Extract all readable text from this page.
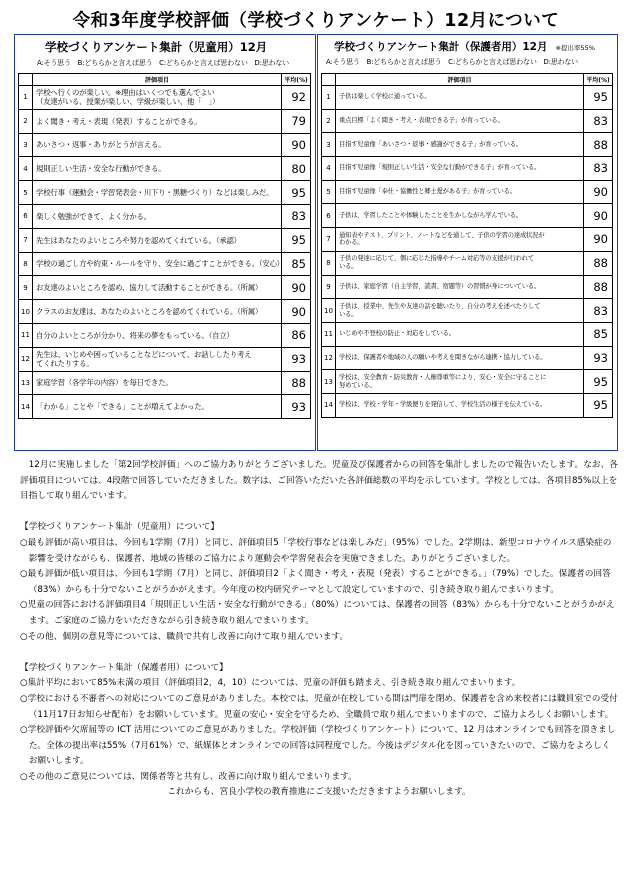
令和3年度学校評価（学校づくりアンケート）12月について
学校づくりアンケート集計（児童用）12月
A:そう思う　B:どちらかと言えば思う　C:どちらかと言えば思わない　D:思わない
	評価項目	平均(%)
1	学校へ行くのが楽しい。※理由はいくつでも選んでよい
（友達がいる、授業が楽しい、学級が楽しい、他「　」）	92
2	よく聞き・考え・表現（発表）することができる。	79
3	あいさつ・返事・ありがとうが言える。	90
4	規則正しい生活・安全な行動ができる。	80
5	学校行事（運動会・学習発表会・川下り・黒糖づくり）などは楽しみだ。	95
6	楽しく勉強ができて、よく分かる。	83
7	先生はあなたのよいところや努力を認めてくれている。（承認）	95
8	学校の過ごし方や約束・ルールを守り、安全に過ごすことができる。（安心）	85
9	お友達のよいところを認め、協力して活動することができる。（所属）	90
10	クラスのお友達は、あなたのよいところを認めてくれている。（所属）	90
11	自分のよいところが分かり、将来の夢をもっている。（自立）	86
12	先生は、いじめや困っていることなどについて、お話ししたり考え
てくれたりする。	93
13	家庭学習（各学年の内容）を毎日できた。	88
14	「わかる」ことや「できる」ことが増えてよかった。	93
学校づくりアンケート集計（保護者用）12月 ※提出率55%
A:そう思う　B:どちらかと言えば思う　C:どちらかと言えば思わない　D:思わない
	評価項目	平均(%)
1	子供は楽しく学校に通っている。	95
2	重点目標「よく聞き・考え・表現できる子」が育っている。	83
3	目指す児童像「あいさつ・返事・感謝ができる子」が育っている。	88
4	目指す児童像「規則正しい生活・安全な行動ができる子」が育っている。	83
5	目指す児童像「奉仕・協働性と郷土愛がある子」が育っている。	90
6	子供は、学習したことや体験したことを生かしながら学んでいる。	90
7	通知表やテスト、プリント、ノートなどを通して、子供の学習の達成状況が
わかる。	90
8	子供の発達に応じて、個に応じた指導やチーム対応等の支援が行われて
いる。	88
9	子供は、家庭学習（自主学習、読書、宿題等）の習慣が身についている。	88
10	子供は、授業中、先生や友達の話を聴いたり、自分の考えを述べたりして
いる。	83
11	いじめや不登校の防止・対応をしている。	85
12	学校は、保護者や地域の人の願いや考えを聞きながら連携・協力している。	93
13	学校は、安全教育・防災教育・人権尊重等により、安心・安全に守ることに
努めている。	95
14	学校は、学校・学年・学級便りを発信して、学校生活の様子を伝えている。	95

12月に実施しました「第2回学校評価」へのご協力ありがとうございました。児童及び保護者からの回答を集計しましたので報告いたします。なお、各評価項目については、4段階で回答していただきました。数字は、ご回答いただいた各評価総数の平均を示しています。学校としては、各項目85%以上を目指して取り組んでいます。

【学校づくりアンケート集計（児童用）について】

○最も評価が高い項目は、今回も1学期（7月）と同じ、評価項目5「学校行事などは楽しみだ」（95%）でした。2学期は、新型コロナウイルス感染症の影響を受けながらも、保護者、地域の皆様のご協力により運動会や学習発表会を実施できました。ありがとうございました。

○最も評価が低い項目は、今回も1学期（7月）と同じ、評価項目2「よく聞き・考え・表現（発表）することができる。」（79%）でした。保護者の回答（83%）からも十分でないことがうかがえます。今年度の校内研究テーマとして設定していますので、引き続き取り組んでまいります。

○児童の回答における評価項目4「規則正しい生活・安全な行動ができる」（80%）については、保護者の回答（83%）からも十分でないことがうかがえます。ご家庭のご協力をいただきながら引き続き取り組んでまいります。

○その他、個別の意見等については、職員で共有し改善に向けて取り組んでいます。

【学校づくりアンケート集計（保護者用）について】

○集計平均において85%未満の項目（評価項目2，4，10）については、児童の評価も踏まえ、引き続き取り組んでまいります。

○学校における不審者への対応についてのご意見がありました。本校では、児童が在校している間は門扉を閉め、保護者を含め来校者には職員室での受付（11月17日お知らせ配布）をお願いしています。児童の安心・安全を守るため、全職員で取り組んでまいりますので、ご協力よろしくお願いします。

○学校評価や欠席届等の ICT 活用についてのご意見がありました。学校評価（学校づくりアンケート）について、12 月はオンラインでも回答を頂きました。全体の提出率は55%（7月61%）で、紙媒体とオンラインでの回答は同程度でした。今後はデジタル化を図っていきたいので、ご協力をよろしくお願いします。

○その他のご意見については、関係者等と共有し、改善に向け取り組んでまいります。

これからも、宮良小学校の教育推進にご支援いただきますようお願いします。
